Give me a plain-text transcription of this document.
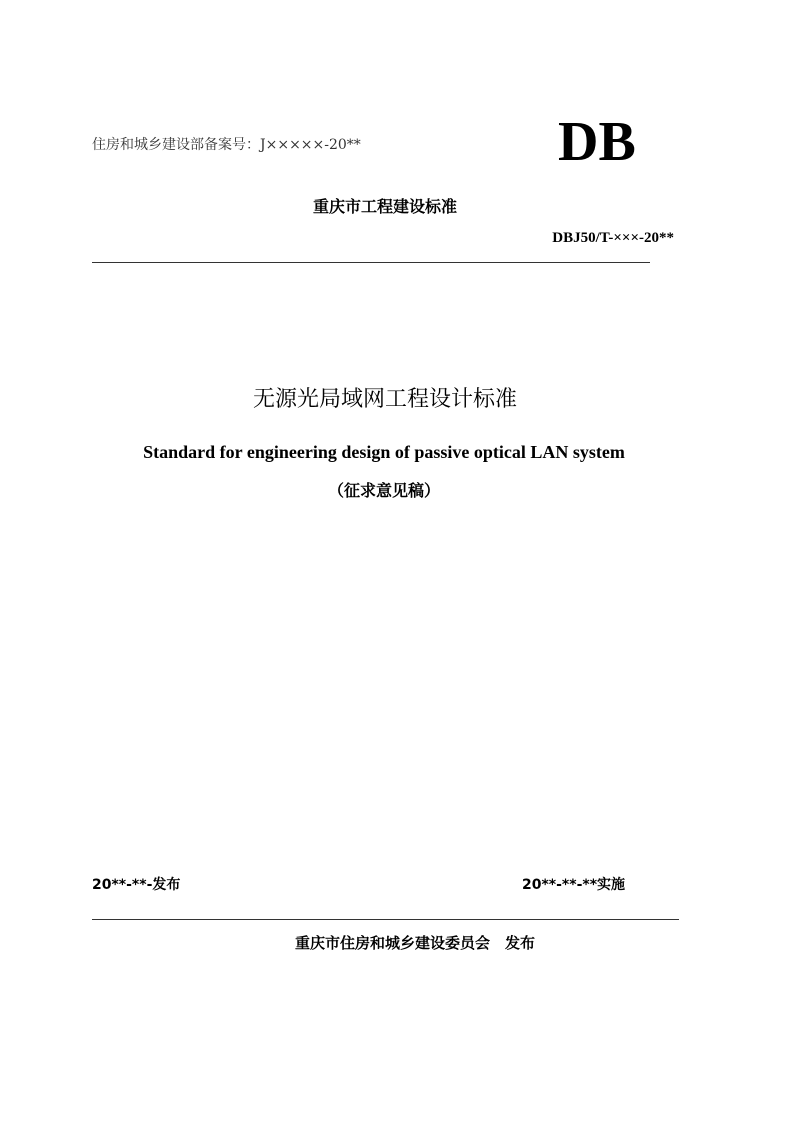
住房和城乡建设部备案号：J×××××-20**	DB
重庆市工程建设标准
DBJ50/T-×××-20**
无源光局域网工程设计标准
Standard for engineering design of passive optical LAN system
（征求意见稿）
20**-**-发布	20**-**-**实施
重庆市住房和城乡建设委员会　发布
